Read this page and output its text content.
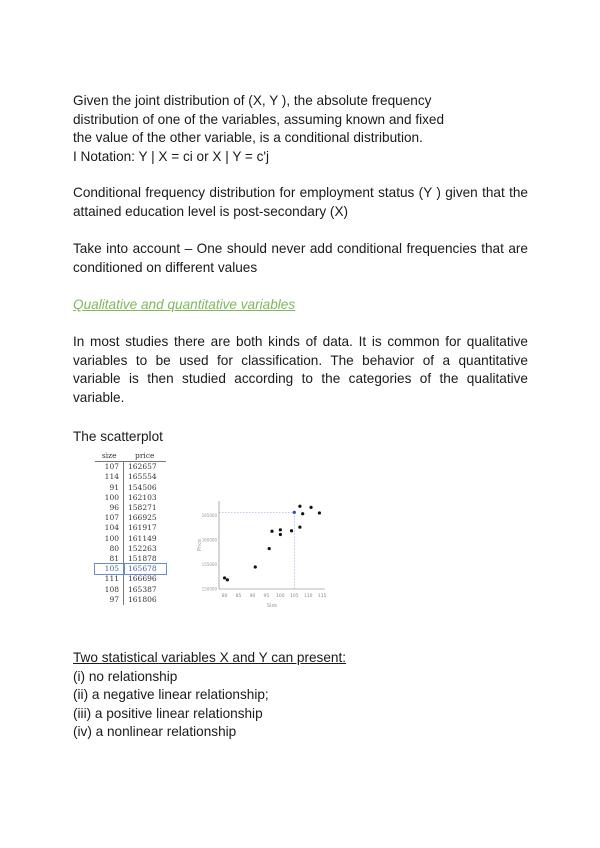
Given the joint distribution of (X, Y ), the absolute frequency
distribution of one of the variables, assuming known and fixed
the value of the other variable, is a conditional distribution.
I Notation: Y | X = ci or X | Y = c'j

Conditional frequency distribution for employment status (Y ) given that the attained education level is post-secondary (X)

Take into account – One should never add conditional frequencies that are conditioned on different values

Qualitative and quantitative variables

In most studies there are both kinds of data. It is common for qualitative variables to be used for classification. The behavior of a quantitative variable is then studied according to the categories of the qualitative variable.

The scatterplot

size	price
107	162657
114	165554
91	154506
100	162103
96	158271
107	166925
104	161917
100	161149
80	152263
81	151878
105	165678
111	166696
108	165387
97	161806	80 85 90 95 100 105 110 115
150000
155000
160000
165000
Size
Price
Two statistical variables X and Y can present:
(i) no relationship
(ii) a negative linear relationship;
(iii) a positive linear relationship
(iv) a nonlinear relationship
